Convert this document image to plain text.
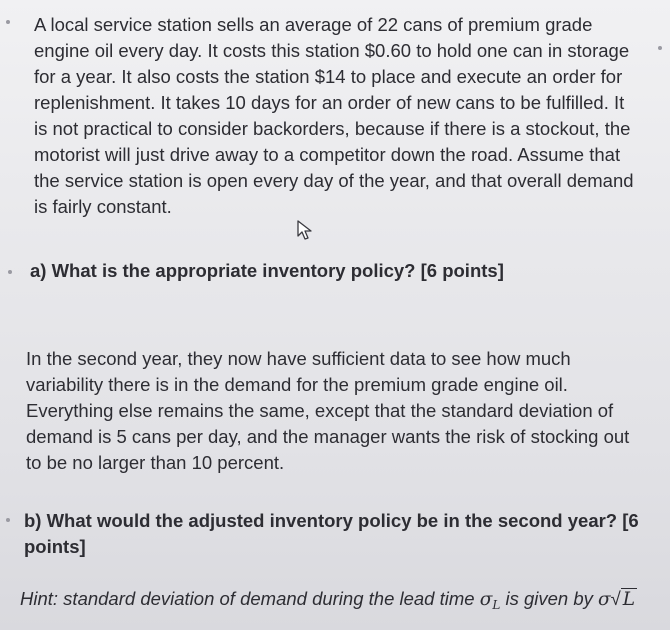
A local service station sells an average of 22 cans of premium grade
engine oil every day. It costs this station $0.60 to hold one can in storage
for a year. It also costs the station $14 to place and execute an order for
replenishment. It takes 10 days for an order of new cans to be fulfilled. It
is not practical to consider backorders, because if there is a stockout, the
motorist will just drive away to a competitor down the road. Assume that
the service station is open every day of the year, and that overall demand
is fairly constant.
a) What is the appropriate inventory policy? [6 points]
In the second year, they now have sufficient data to see how much
variability there is in the demand for the premium grade engine oil.
Everything else remains the same, except that the standard deviation of
demand is 5 cans per day, and the manager wants the risk of stocking out
to be no larger than 10 percent.
b) What would the adjusted inventory policy be in the second year? [6
points]
Hint: standard deviation of demand during the lead time $\sigma_L$ is given by σ√ L
